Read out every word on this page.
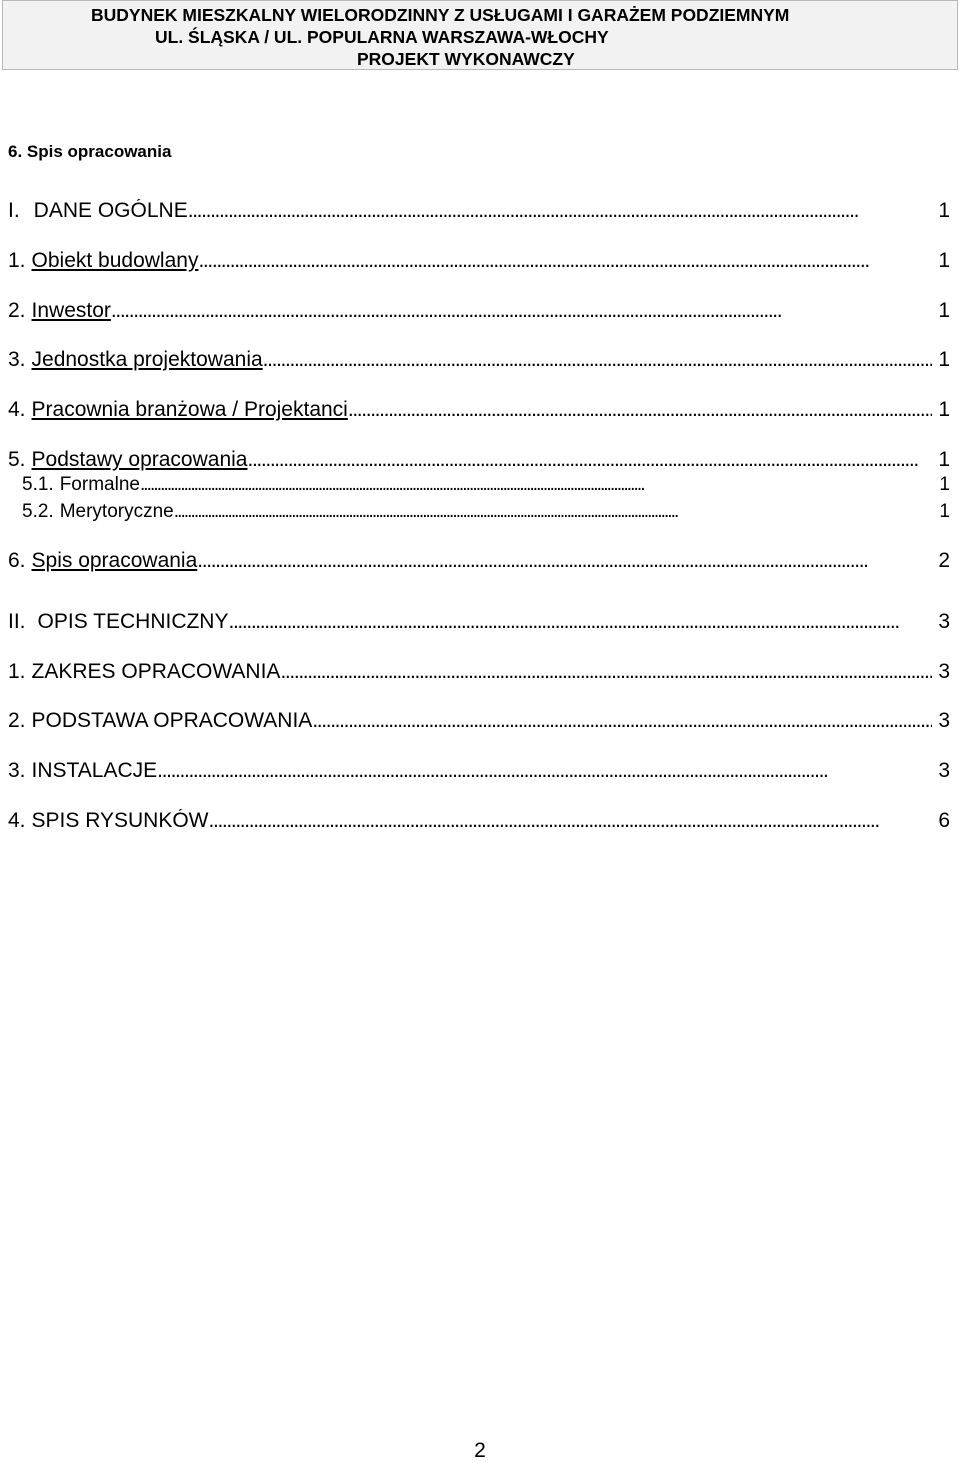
BUDYNEK MIESZKALNY WIELORODZINNY Z USŁUGAMI I GARAŻEM PODZIEMNYM
UL. ŚLĄSKA / UL. POPULARNA WARSZAWA-WŁOCHY
PROJEKT WYKONAWCZY
6. Spis opracowania
I. DANE OGÓLNE . . .	1
1. Obiekt budowlany . . .	1
2. Inwestor . . .	1
3. Jednostka projektowania . . .	1
4. Pracownia branżowa / Projektanci . . .	1
5. Podstawy opracowania . . .	1
5.1. Formalne . . .	1
5.2. Merytoryczne . . .	1
6. Spis opracowania . . .	2
II. OPIS TECHNICZNY . . .	3
1. ZAKRES OPRACOWANIA . . .	3
2. PODSTAWA OPRACOWANIA . . .	3
3. INSTALACJE . . .	3
4. SPIS RYSUNKÓW . . .	6
2
